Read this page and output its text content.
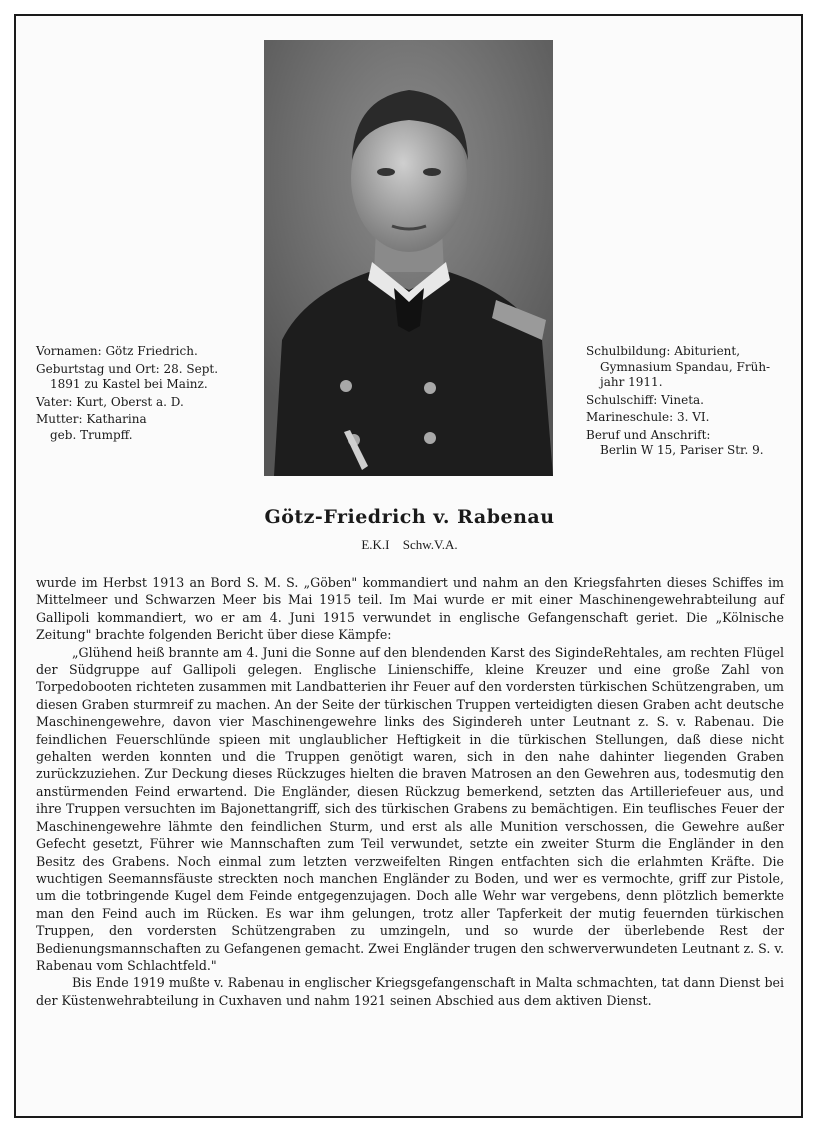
Vornamen: Götz Friedrich.

Geburtstag und Ort: 28. Sept.

1891 zu Kastel bei Mainz.

Vater: Kurt, Oberst a. D.

Mutter: Katharina

geb. Trumpff.

Schulbildung: Abiturient,

Gymnasium Spandau, Früh-

jahr 1911.

Schulschiff: Vineta.

Marineschule: 3. VI.

Beruf und Anschrift:

Berlin W 15, Pariser Str. 9.

Götz-Friedrich v. Rabenau
E.K.I Schw.V.A.

wurde im Herbst 1913 an Bord S. M. S. „Göben" kommandiert und nahm an den Kriegsfahrten dieses Schiffes im Mittelmeer und Schwarzen Meer bis Mai 1915 teil. Im Mai wurde er mit einer Maschinengewehrabteilung auf Gallipoli kommandiert, wo er am 4. Juni 1915 verwundet in englische Gefangenschaft geriet. Die „Kölnische Zeitung" brachte folgenden Bericht über diese Kämpfe:

„Glühend heiß brannte am 4. Juni die Sonne auf den blendenden Karst des SigindeRehtales, am rechten Flügel der Südgruppe auf Gallipoli gelegen. Englische Linienschiffe, kleine Kreuzer und eine große Zahl von Torpedobooten richteten zusammen mit Landbatterien ihr Feuer auf den vordersten türkischen Schützengraben, um diesen Graben sturmreif zu machen. An der Seite der türkischen Truppen verteidigten diesen Graben acht deutsche Maschinengewehre, davon vier Maschinengewehre links des Sigindereh unter Leutnant z. S. v. Rabenau. Die feindlichen Feuerschlünde spieen mit unglaublicher Heftigkeit in die türkischen Stellungen, daß diese nicht gehalten werden konnten und die Truppen genötigt waren, sich in den nahe dahinter liegenden Graben zurückzuziehen. Zur Deckung dieses Rückzuges hielten die braven Matrosen an den Gewehren aus, todesmutig den anstürmenden Feind erwartend. Die Engländer, diesen Rückzug bemerkend, setzten das Artilleriefeuer aus, und ihre Truppen versuchten im Bajonettangriff, sich des türkischen Grabens zu bemächtigen. Ein teuflisches Feuer der Maschinengewehre lähmte den feindlichen Sturm, und erst als alle Munition verschossen, die Gewehre außer Gefecht gesetzt, Führer wie Mannschaften zum Teil verwundet, setzte ein zweiter Sturm die Engländer in den Besitz des Grabens. Noch einmal zum letzten verzweifelten Ringen entfachten sich die erlahmten Kräfte. Die wuchtigen Seemannsfäuste streckten noch manchen Engländer zu Boden, und wer es vermochte, griff zur Pistole, um die totbringende Kugel dem Feinde entgegenzujagen. Doch alle Wehr war vergebens, denn plötzlich bemerkte man den Feind auch im Rücken. Es war ihm gelungen, trotz aller Tapferkeit der mutig feuernden türkischen Truppen, den vordersten Schützengraben zu umzingeln, und so wurde der überlebende Rest der Bedienungsmannschaften zu Gefangenen gemacht. Zwei Engländer trugen den schwerverwundeten Leutnant z. S. v. Rabenau vom Schlachtfeld."

Bis Ende 1919 mußte v. Rabenau in englischer Kriegsgefangenschaft in Malta schmachten, tat dann Dienst bei der Küstenwehrabteilung in Cuxhaven und nahm 1921 seinen Abschied aus dem aktiven Dienst.
